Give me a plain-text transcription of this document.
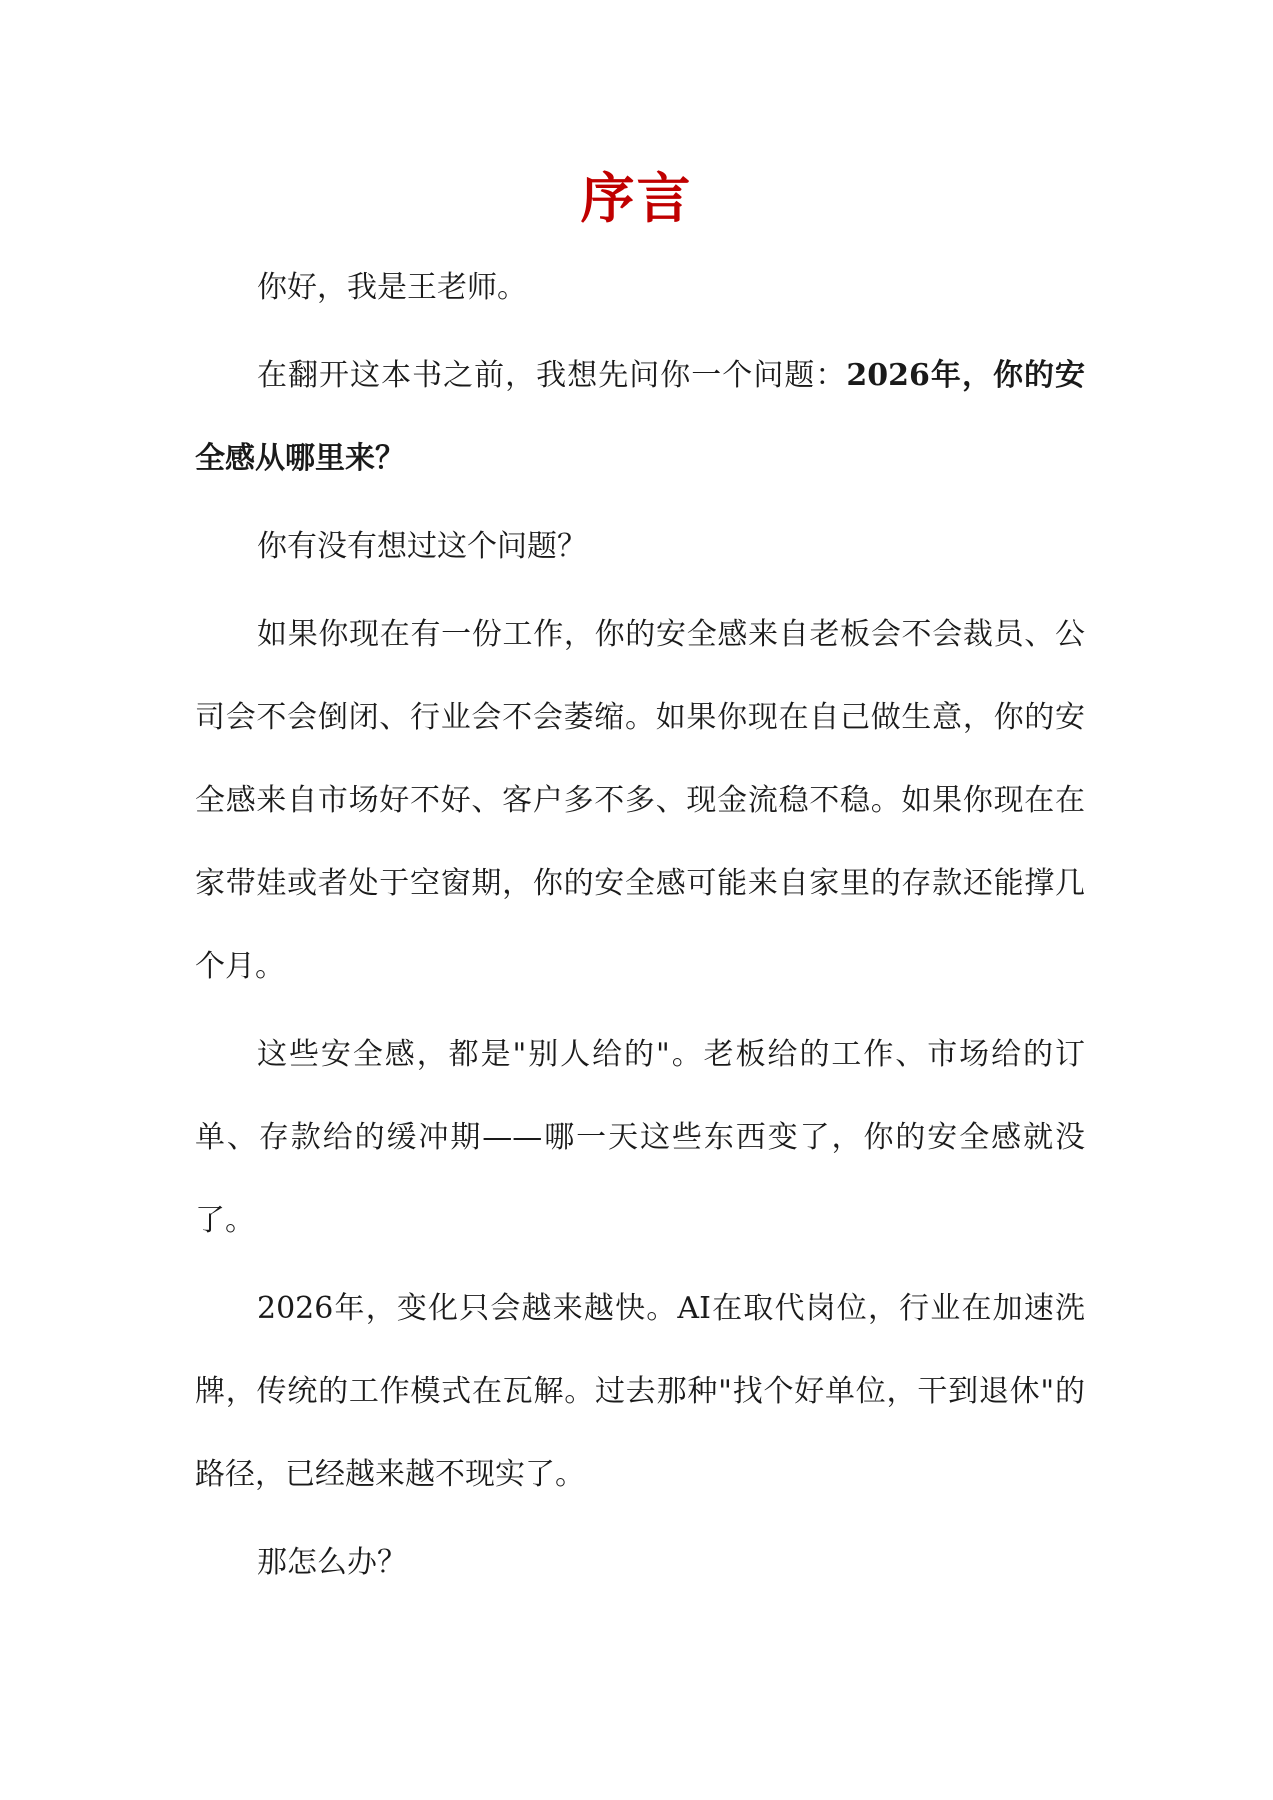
序言

你好，我是王老师。

在翻开这本书之前，我想先问你一个问题：2026年，你的安全感从哪里来？

你有没有想过这个问题？

如果你现在有一份工作，你的安全感来自老板会不会裁员、公司会不会倒闭、行业会不会萎缩。如果你现在自己做生意，你的安全感来自市场好不好、客户多不多、现金流稳不稳。如果你现在在家带娃或者处于空窗期，你的安全感可能来自家里的存款还能撑几个月。

这些安全感，都是"别人给的"。老板给的工作、市场给的订单、存款给的缓冲期——哪一天这些东西变了，你的安全感就没了。

2026年，变化只会越来越快。AI在取代岗位，行业在加速洗牌，传统的工作模式在瓦解。过去那种"找个好单位，干到退休"的路径，已经越来越不现实了。

那怎么办？
